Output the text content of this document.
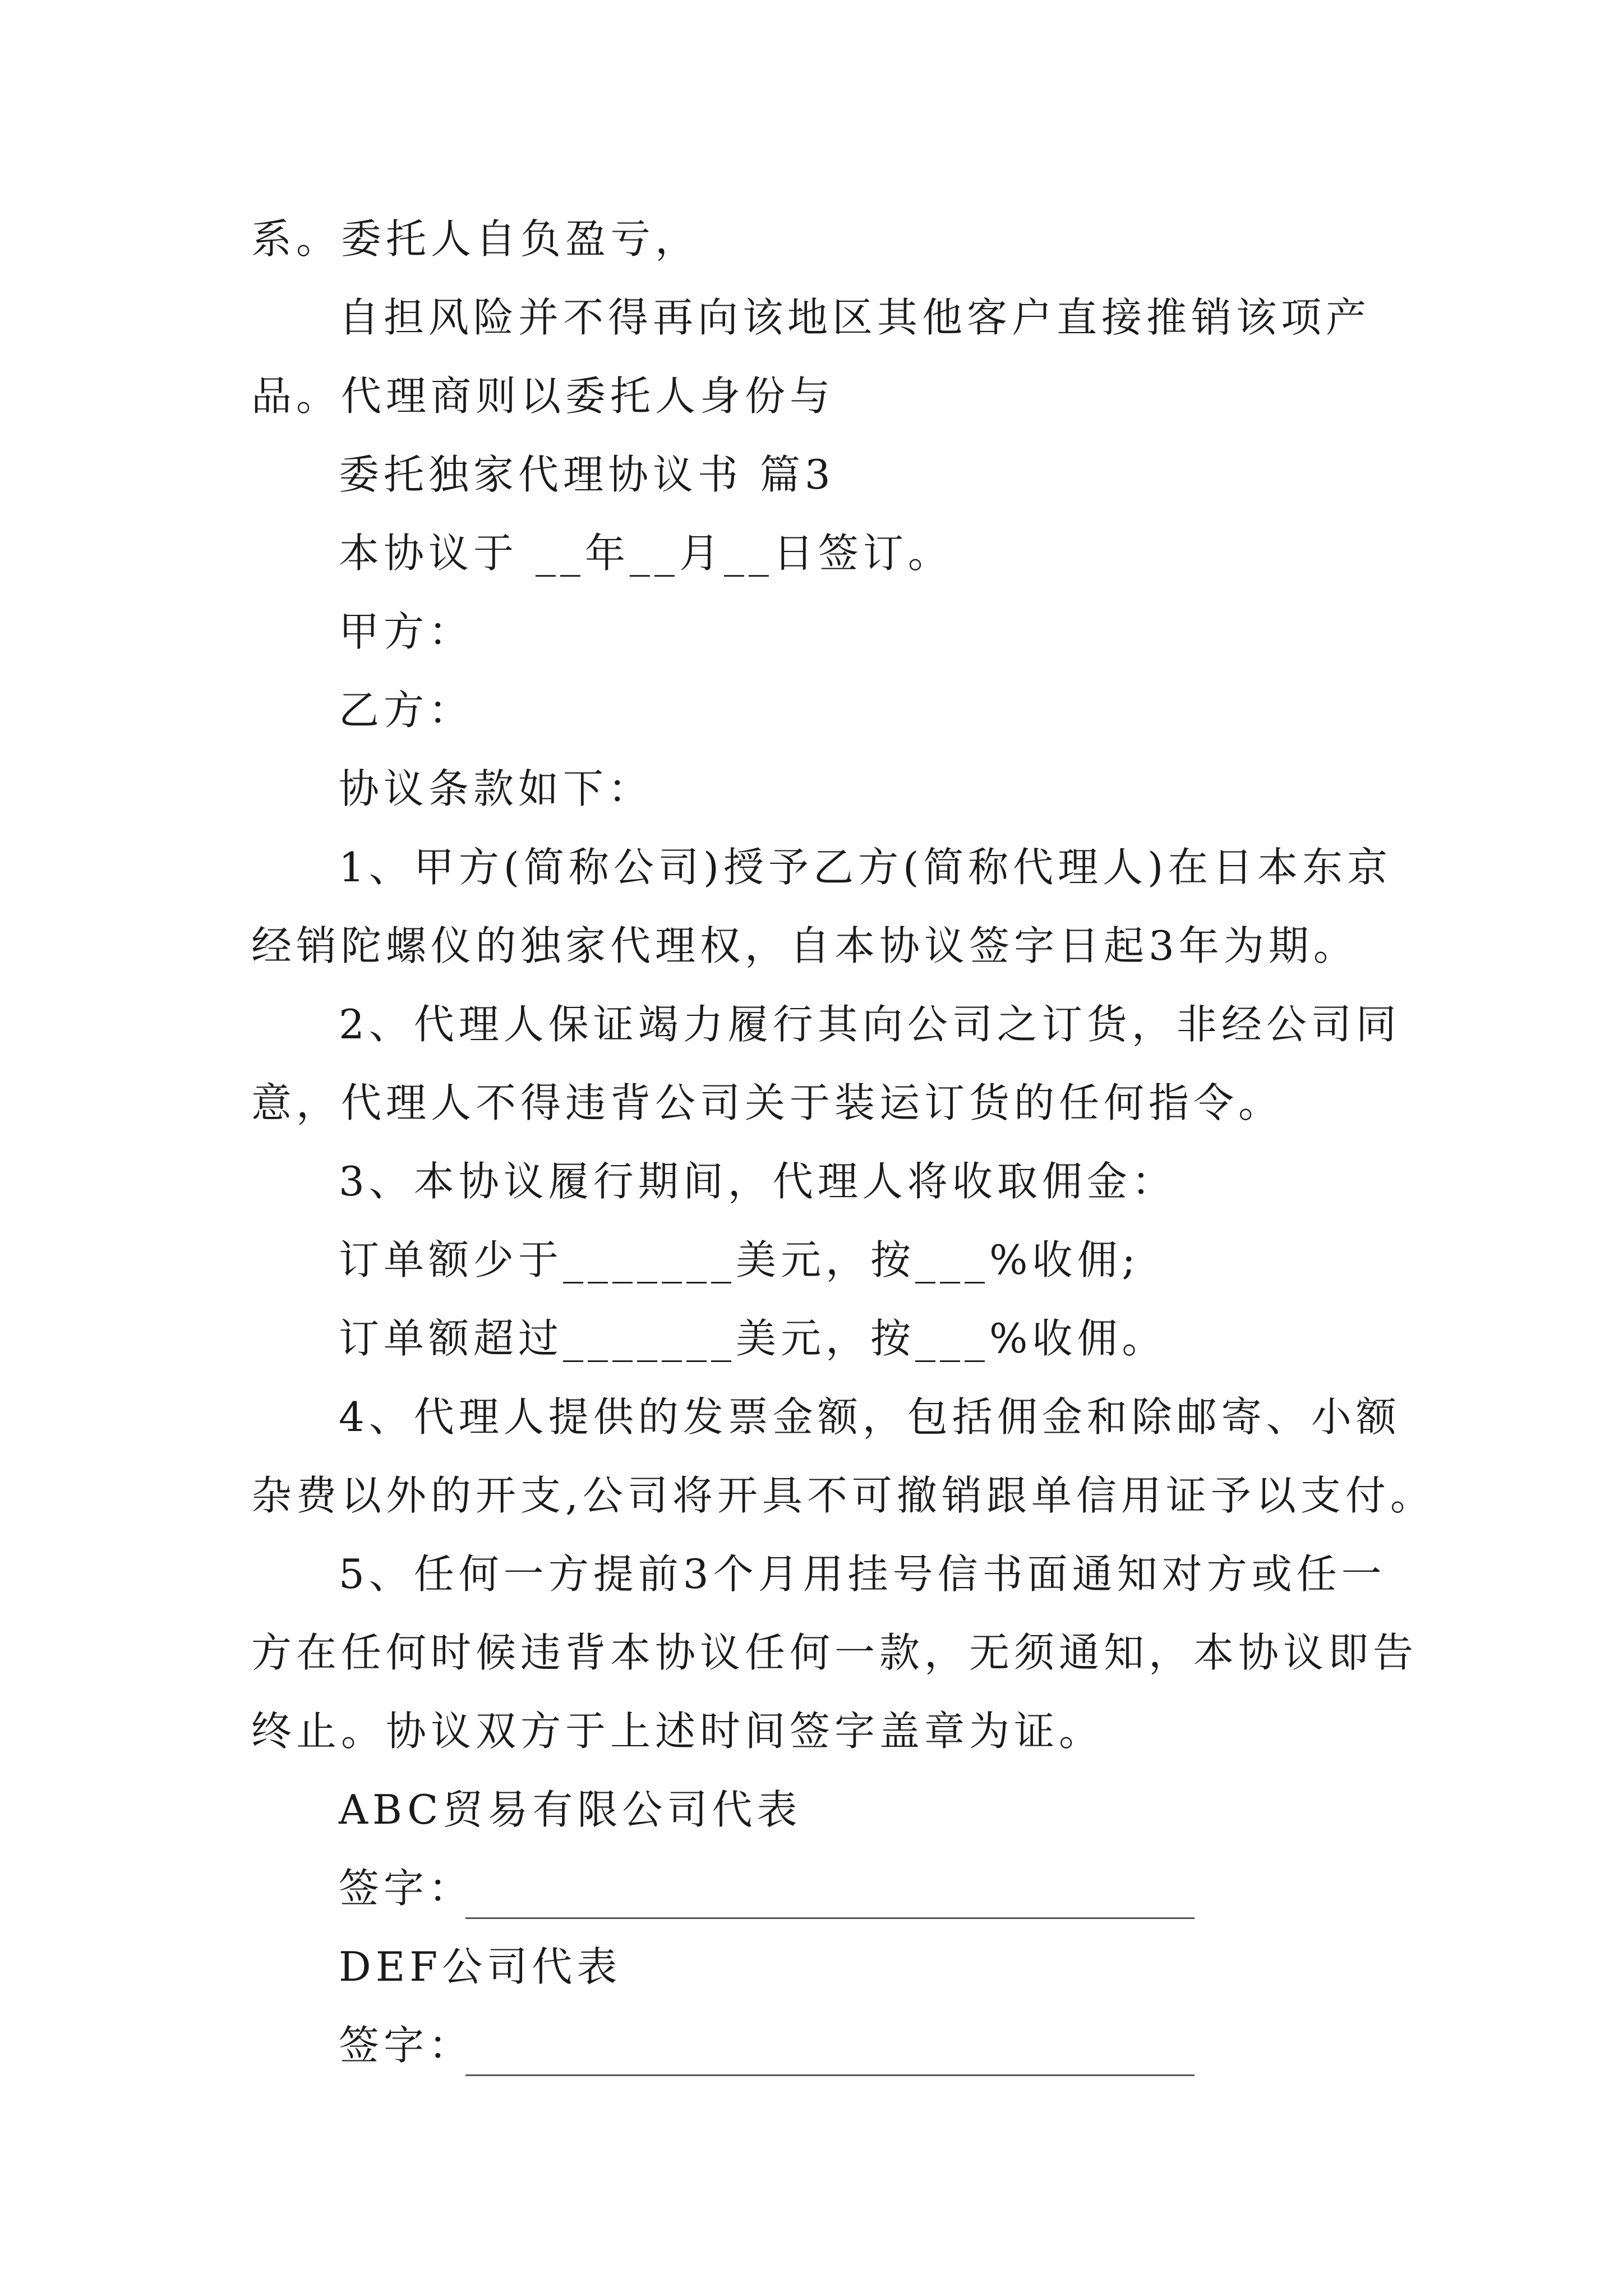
系。委托人自负盈亏，
自担风险并不得再向该地区其他客户直接推销该项产
品。代理商则以委托人身份与
委托独家代理协议书 篇3
本协议于 __年__月__日签订。
甲方：
乙方：
协议条款如下：
1、甲方(简称公司)授予乙方(简称代理人)在日本东京
经销陀螺仪的独家代理权，自本协议签字日起3年为期。
2、代理人保证竭力履行其向公司之订货，非经公司同
意，代理人不得违背公司关于装运订货的任何指令。
3、本协议履行期间，代理人将收取佣金：
订单额少于_______美元，按___%收佣;
订单额超过_______美元，按___%收佣。
4、代理人提供的发票金额，包括佣金和除邮寄、小额
杂费以外的开支,公司将开具不可撤销跟单信用证予以支付。
5、任何一方提前3个月用挂号信书面通知对方或任一
方在任何时候违背本协议任何一款，无须通知，本协议即告
终止。协议双方于上述时间签字盖章为证。
ABC贸易有限公司代表
签字：
DEF公司代表
签字：
